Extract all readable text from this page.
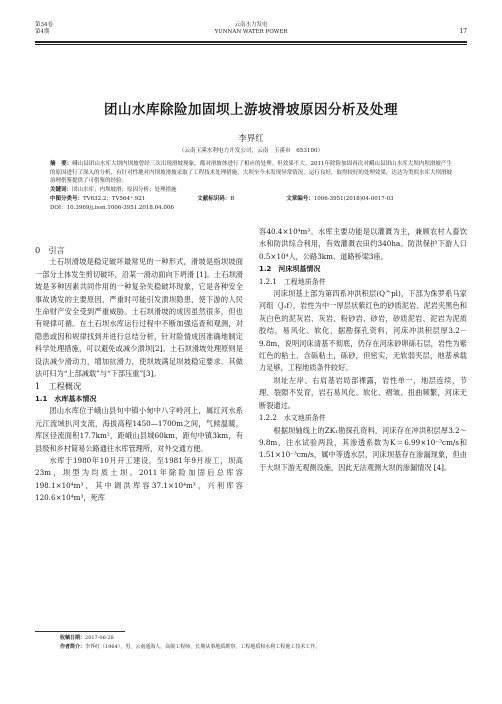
第34卷
第4期
云南水力发电
YUNNAN WATER POWER	17
团山水库除险加固坝上游坡滑坡原因分析及处理
李界红
（云南玉溪水利电力开发公司，云南　玉溪市　653100）
摘　要：峨山县团山水库大坝内坝坡曾经三次出现滑坡现象，都对滑坡体进行了相应的处理。但效果不大。2011年除险加固再次对峨山县团山水库大坝内坝滑坡产生的原因进行了深入的分析，有针对性地对内坝坡滑坡采取了工程技术处理措施，大坝至今未发现异常情况，运行良好，取得较好的处理效果，达达为类似水库大坝滑坡治理借鉴提供了可借鉴的经验。
关键词：团山水库；内坝坡滑；原因分析；处理措施
中图分类号：TV632.2；TV564⁺.921	文献标识码：B	文章编号：1006-3951(2018)04-0017-03
DOI：10.3969/j.issn.1006-3951.2018.04.006

0　引言

土石坝滑坡是稳定破坏最常见的一种形式，滑坡是指坝坡面一部分土体发生剪切破坏，沿某一滑动面向下坍滑 [1]。土石坝滑坡是多种因素共同作用的一种复杂失稳破坏现象，它是各种安全事故诱发的主要原因，严重时可能引发溃坝隐患，使下游的人民生命财产安全受到严重威胁。土石坝滑坡的成因虽然很多，但也有规律可循。在土石坝水库运行过程中不断加强巡查和观测，对隐患或因和规律找到并进行总结分析，针对险情成因准确地制定科学处理措施，可以避免或减少溃坝[2]。土石坝滑坡处理原则是设法减少滑动力，增加抗滑力，使坝坡满足坝坡稳定要求。其做法可归为“上部减载”与“下部压重”[3]。

1　工程概况

1.1　水库基本情况

团山水库位于峨山县句中镇小甸中八字岭河上，属红河水系元江流域扒河支流，海拔高程1450—1700m之间，气候温暖，库区径流面积17.7km²，距峨山县城60km，距句中镇3km，有县级和乡村简易公路通往水库管理所，对外交通方便。

水库于1980年10月开工建设，至1981年9月竣工，坝高23m，坝型为均质土坝。2011年除险加固后总库容198.1×10⁴m³，其中调洪库容37.1×10⁴m³，兴利库容120.6×10⁴m³，死库

容40.4×10⁴m³。水库主要功能是以灌溉为主，兼顾农村人畜饮水和防洪综合利用，有效灌溉农田约340ha。防洪保护下游人口0.5×10⁴人，公路3km、道路桥梁3座。

1.2　河床坝基情况

1.2.1　工程地质条件

河床坝基上部为第四系冲洪积层(Q^pl)，下部为侏罗系马家河组（J₁f），岩性为中一厚层状紫红色的砂质泥岩、泥岩夹黑色和灰白色的泥灰岩、灰岩、粉砂岩、砂岩，砂质泥岩、泥岩为泥质胶结，易风化、软化，据勘探孔资料，河床冲洪积层厚3.2－9.8m，说明河床清基不彻底，仍存在河床砂卵砾石层，岩性为紫红色的粘土、含砾粘土，砾砂，但密实，无软弱夹层，地基承载力足够，工程地质条件较好。

坝址左岸、右肩基岩局部裸露，岩性单一，地层连续，节理、裂隙不发育，岩石易风化、软化、褶皱、扭曲频繁，河床无断裂通过。

1.2.2　水文地质条件

根据坝轴线上的ZK₁勘探孔资料，河床存在冲洪积层厚3.2～9.8m，注水试验两段，其渗透系数为K＝6.99×10⁻³cm/s和1.51×10⁻³cm/s，属中等透水层，河床坝基存在渗漏现象，但由于大坝下游无观测设施，因此无法观测大坝的渗漏情况 [4]。

收稿日期：2017-06-28
作者简介：李界红（1964），男，云南通海人，高级工程师，长期从事地质勘察、工程地质和水利工程施工技术工作。
